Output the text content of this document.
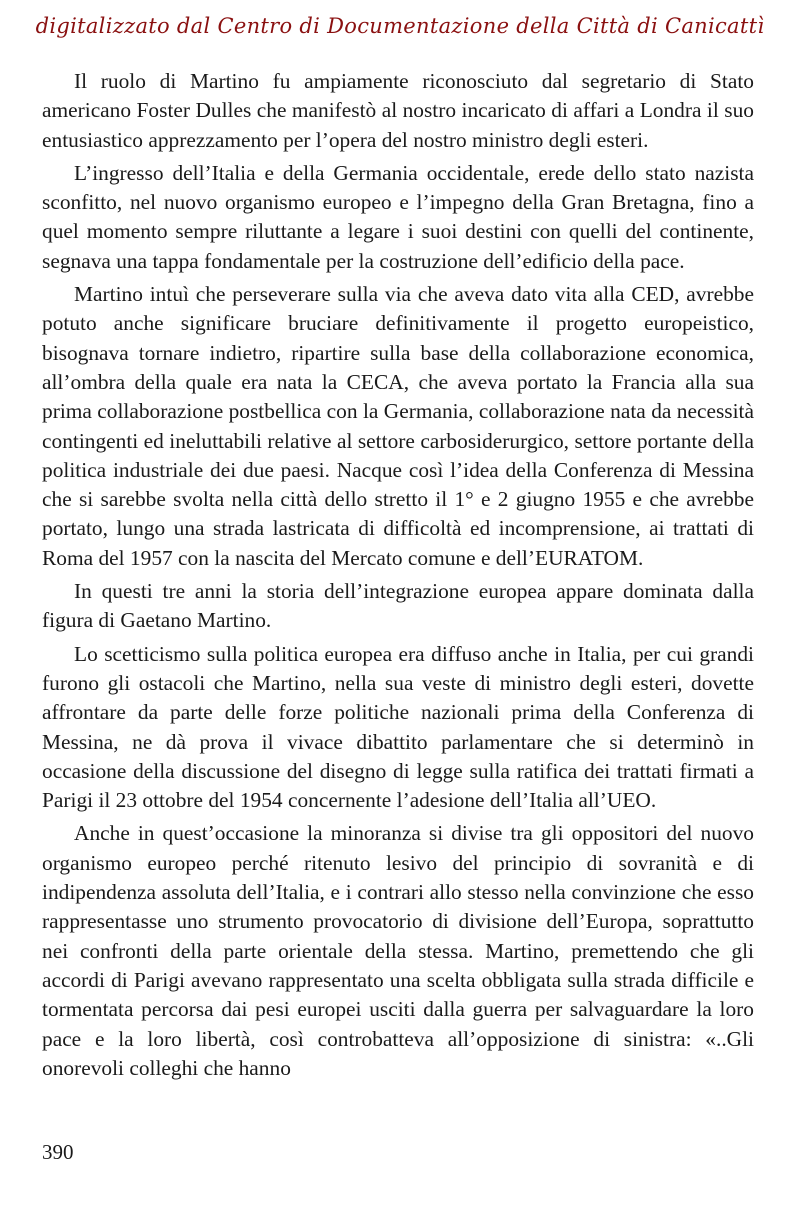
digitalizzato dal Centro di Documentazione della Città di Canicattì

Il ruolo di Martino fu ampiamente riconosciuto dal segretario di Stato americano Foster Dulles che manifestò al nostro incaricato di affari a Londra il suo entusiastico apprezzamento per l’opera del nostro ministro degli esteri.

L’ingresso dell’Italia e della Germania occidentale, erede dello stato nazista sconfitto, nel nuovo organismo europeo e l’impegno della Gran Bretagna, fino a quel momento sempre riluttante a legare i suoi destini con quelli del continente, segnava una tappa fondamentale per la costruzione dell’edificio della pace.

Martino intuì che perseverare sulla via che aveva dato vita alla CED, avrebbe potuto anche significare bruciare definitivamente il progetto europeistico, bisognava tornare indietro, ripartire sulla base della collaborazione economica, all’ombra della quale era nata la CECA, che aveva portato la Francia alla sua prima collaborazione postbellica con la Germania, collaborazione nata da necessità contingenti ed ineluttabili relative al settore carbosiderurgico, settore portante della politica industriale dei due paesi. Nacque così l’idea della Conferenza di Messina che si sarebbe svolta nella città dello stretto il 1° e 2 giugno 1955 e che avrebbe portato, lungo una strada lastricata di difficoltà ed incomprensione, ai trattati di Roma del 1957 con la nascita del Mercato comune e dell’EURATOM.

In questi tre anni la storia dell’integrazione europea appare dominata dalla figura di Gaetano Martino.

Lo scetticismo sulla politica europea era diffuso anche in Italia, per cui grandi furono gli ostacoli che Martino, nella sua veste di ministro degli esteri, dovette affrontare da parte delle forze politiche nazionali prima della Conferenza di Messina, ne dà prova il vivace dibattito parlamentare che si determinò in occasione della discussione del disegno di legge sulla ratifica dei trattati firmati a Parigi il 23 ottobre del 1954 concernente l’adesione dell’Italia all’UEO.

Anche in quest’occasione la minoranza si divise tra gli oppositori del nuovo organismo europeo perché ritenuto lesivo del principio di sovranità e di indipendenza assoluta dell’Italia, e i contrari allo stesso nella convinzione che esso rappresentasse uno strumento provocatorio di divisione dell’Europa, soprattutto nei confronti della parte orientale della stessa. Martino, premettendo che gli accordi di Parigi avevano rappresentato una scelta obbligata sulla strada difficile e tormentata percorsa dai pesi europei usciti dalla guerra per salvaguardare la loro pace e la loro libertà, così controbatteva all’opposizione di sinistra: «..Gli onorevoli colleghi che hanno

390
